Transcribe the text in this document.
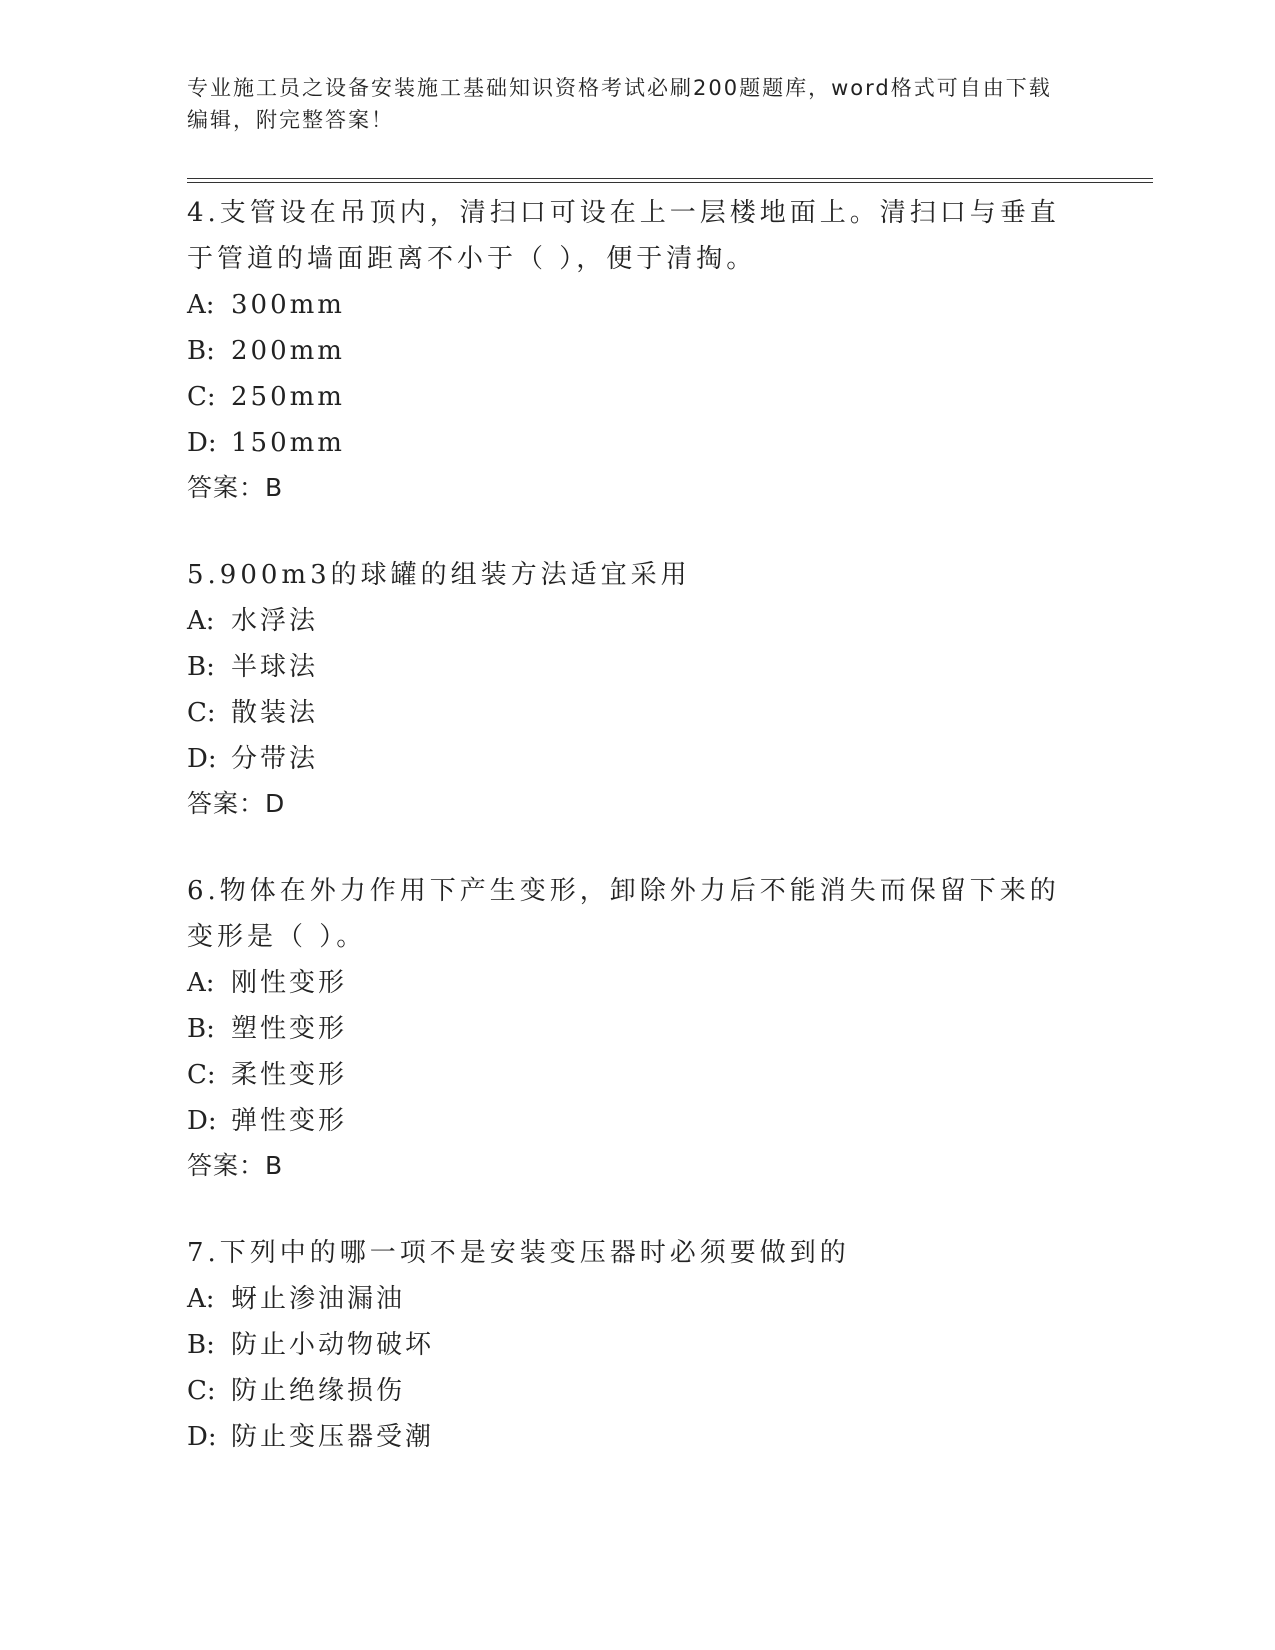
专业施工员之设备安装施工基础知识资格考试必刷200题题库，word格式可自由下载编辑，附完整答案！

4.支管设在吊顶内，清扫口可设在上一层楼地面上。清扫口与垂直于管道的墙面距离不小于（ ），便于清掏。

A: 300mm

B: 200mm

C: 250mm

D: 150mm

答案：B

5.900m3的球罐的组装方法适宜采用

A: 水浮法

B: 半球法

C: 散装法

D: 分带法

答案：D

6.物体在外力作用下产生变形，卸除外力后不能消失而保留下来的变形是（ ）。

A: 刚性变形

B: 塑性变形

C: 柔性变形

D: 弹性变形

答案：B

7.下列中的哪一项不是安装变压器时必须要做到的

A: 蚜止渗油漏油

B: 防止小动物破坏

C: 防止绝缘损伤

D: 防止变压器受潮
